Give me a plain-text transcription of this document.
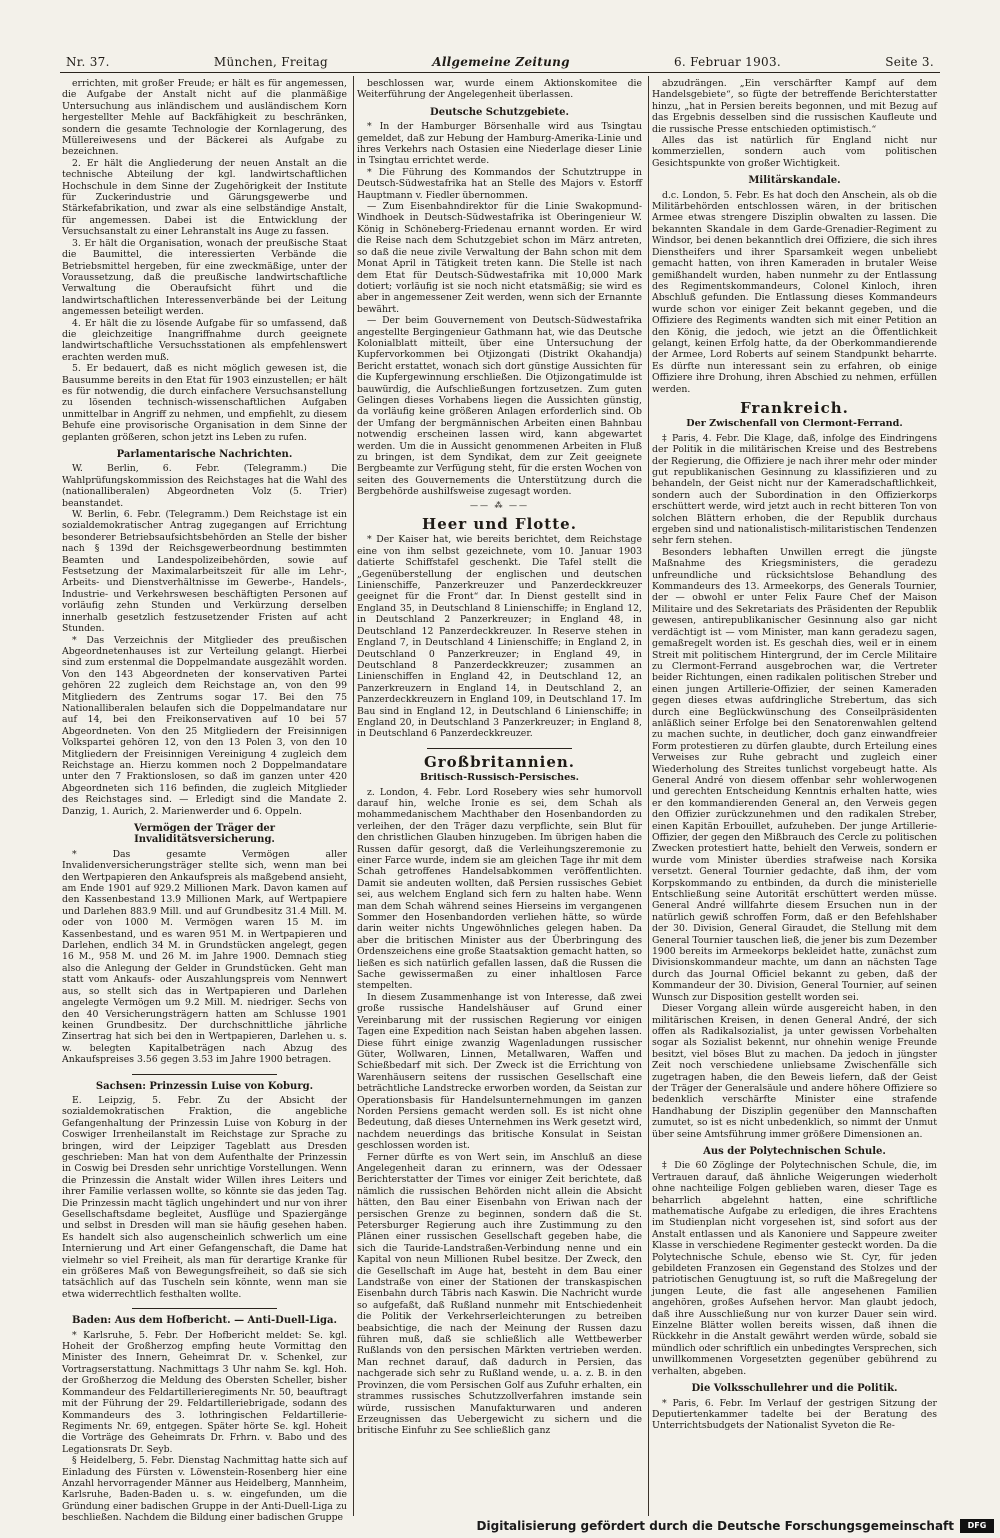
Nr. 37.	München, Freitag	Allgemeine Zeitung	6. Februar 1903.	Seite 3.

errichten, mit großer Freude; er hält es für angemessen, die Aufgabe der Anstalt nicht auf die planmäßige Untersuchung aus inländischem und ausländischem Korn hergestellter Mehle auf Backfähigkeit zu beschränken, sondern die gesamte Technologie der Kornlagerung, des Müllereiwesens und der Bäckerei als Aufgabe zu bezeichnen.

2. Er hält die Angliederung der neuen Anstalt an die technische Abteilung der kgl. landwirtschaftlichen Hochschule in dem Sinne der Zugehörigkeit der Institute für Zuckerindustrie und Gärungsgewerbe und Stärkefabrikation, und zwar als eine selbständige Anstalt, für angemessen. Dabei ist die Entwicklung der Versuchsanstalt zu einer Lehranstalt ins Auge zu fassen.

3. Er hält die Organisation, wonach der preußische Staat die Baumittel, die interessierten Verbände die Betriebsmittel hergeben, für eine zweckmäßige, unter der Voraussetzung, daß die preußische landwirtschaftliche Verwaltung die Oberaufsicht führt und die landwirtschaftlichen Interessenverbände bei der Leitung angemessen beteiligt werden.

4. Er hält die zu lösende Aufgabe für so umfassend, daß die gleichzeitige Inangriffnahme durch geeignete landwirtschaftliche Versuchsstationen als empfehlenswert erachten werden muß.

5. Er bedauert, daß es nicht möglich gewesen ist, die Bausumme bereits in den Etat für 1903 einzustellen; er hält es für notwendig, die durch einfachere Versuchsanstellung zu lösenden technisch-wissenschaftlichen Aufgaben unmittelbar in Angriff zu nehmen, und empfiehlt, zu diesem Behufe eine provisorische Organisation in dem Sinne der geplanten größeren, schon jetzt ins Leben zu rufen.

Parlamentarische Nachrichten.

W. Berlin, 6. Febr. (Telegramm.) Die Wahlprüfungskommission des Reichstages hat die Wahl des (nationalliberalen) Abgeordneten Volz (5. Trier) beanstandet.

W. Berlin, 6. Febr. (Telegramm.) Dem Reichstage ist ein sozialdemokratischer Antrag zugegangen auf Errichtung besonderer Betriebsaufsichtsbehörden an Stelle der bisher nach § 139d der Reichsgewerbeordnung bestimmten Beamten und Landespolizeibehörden, sowie auf Festsetzung der Maximalarbeitszeit für alle im Lehr-, Arbeits- und Dienstverhältnisse im Gewerbe-, Handels-, Industrie- und Verkehrswesen beschäftigten Personen auf vorläufig zehn Stunden und Verkürzung derselben innerhalb gesetzlich festzusetzender Fristen auf acht Stunden.

* Das Verzeichnis der Mitglieder des preußischen Abgeordnetenhauses ist zur Verteilung gelangt. Hierbei sind zum erstenmal die Doppelmandate ausgezählt worden. Von den 143 Abgeordneten der konservativen Partei gehören 22 zugleich dem Reichstage an, von den 99 Mitgliedern des Zentrums sogar 17. Bei den 75 Nationalliberalen belaufen sich die Doppelmandatare nur auf 14, bei den Freikonservativen auf 10 bei 57 Abgeordneten. Von den 25 Mitgliedern der Freisinnigen Volkspartei gehören 12, von den 13 Polen 3, von den 10 Mitgliedern der Freisinnigen Vereinigung 4 zugleich dem Reichstage an. Hierzu kommen noch 2 Doppelmandatare unter den 7 Fraktionslosen, so daß im ganzen unter 420 Abgeordneten sich 116 befinden, die zugleich Mitglieder des Reichstages sind. — Erledigt sind die Mandate 2. Danzig, 1. Aurich, 2. Marienwerder und 6. Oppeln.

Vermögen der Träger der Invaliditätsversicherung.

* Das gesamte Vermögen aller Invalidenversicherungsträger stellte sich, wenn man bei den Wertpapieren den Ankaufspreis als maßgebend ansieht, am Ende 1901 auf 929.2 Millionen Mark. Davon kamen auf den Kassenbestand 13.9 Millionen Mark, auf Wertpapiere und Darlehen 883.9 Mill. und auf Grundbesitz 31.4 Mill. M. oder von 1000 M. Vermögen waren 15 M. im Kassenbestand, und es waren 951 M. in Wertpapieren und Darlehen, endlich 34 M. in Grundstücken angelegt, gegen 16 M., 958 M. und 26 M. im Jahre 1900. Demnach stieg also die Anlegung der Gelder in Grundstücken. Geht man statt vom Ankaufs- oder Auszahlungspreis vom Nennwert aus, so stellt sich das in Wertpapieren und Darlehen angelegte Vermögen um 9.2 Mill. M. niedriger. Sechs von den 40 Versicherungsträgern hatten am Schlusse 1901 keinen Grundbesitz. Der durchschnittliche jährliche Zinsertrag hat sich bei den in Wertpapieren, Darlehen u. s. w. belegten Kapitalbeträgen nach Abzug des Ankaufspreises 3.56 gegen 3.53 im Jahre 1900 betragen.

Sachsen: Prinzessin Luise von Koburg.

E. Leipzig, 5. Febr. Zu der Absicht der sozialdemokratischen Fraktion, die angebliche Gefangenhaltung der Prinzessin Luise von Koburg in der Coswiger Irrenheilanstalt im Reichstage zur Sprache zu bringen, wird der Leipziger Tageblatt aus Dresden geschrieben: Man hat von dem Aufenthalte der Prinzessin in Coswig bei Dresden sehr unrichtige Vorstellungen. Wenn die Prinzessin die Anstalt wider Willen ihres Leiters und ihrer Familie verlassen wollte, so könnte sie das jeden Tag. Die Prinzessin macht täglich ungehindert und nur von ihrer Gesellschaftsdame begleitet, Ausflüge und Spaziergänge und selbst in Dresden will man sie häufig gesehen haben. Es handelt sich also augenscheinlich schwerlich um eine Internierung und Art einer Gefangenschaft, die Dame hat vielmehr so viel Freiheit, als man für derartige Kranke für ein größeres Maß von Bewegungsfreiheit, so daß sie sich tatsächlich auf das Tuscheln sein könnte, wenn man sie etwa widerrechtlich festhalten wollte.

Baden: Aus dem Hofbericht. — Anti-Duell-Liga.

* Karlsruhe, 5. Febr. Der Hofbericht meldet: Se. kgl. Hoheit der Großherzog empfing heute Vormittag den Minister des Innern, Geheimrat Dr. v. Schenkel, zur Vortragserstattung. Nachmittags 3 Uhr nahm Se. kgl. Hoh. der Großherzog die Meldung des Obersten Scheller, bisher Kommandeur des Feldartillerieregiments Nr. 50, beauftragt mit der Führung der 29. Feldartilleriebrigade, sodann des Kommandeurs des 3. lothringischen Feldartillerie-Regiments Nr. 69, entgegen. Später hörte Se. kgl. Hoheit die Vorträge des Geheimrats Dr. Frhrn. v. Babo und des Legationsrats Dr. Seyb.

§ Heidelberg, 5. Febr. Dienstag Nachmittag hatte sich auf Einladung des Fürsten v. Löwenstein-Rosenberg hier eine Anzahl hervorragender Männer aus Heidelberg, Mannheim, Karlsruhe, Baden-Baden u. s. w. eingefunden, um die Gründung einer badischen Gruppe in der Anti-Duell-Liga zu beschließen. Nachdem die Bildung einer badischen Gruppe

beschlossen war, wurde einem Aktionskomitee die Weiterführung der Angelegenheit überlassen.

Deutsche Schutzgebiete.

* In der Hamburger Börsenhalle wird aus Tsingtau gemeldet, daß zur Hebung der Hamburg-Amerika-Linie und ihres Verkehrs nach Ostasien eine Niederlage dieser Linie in Tsingtau errichtet werde.

* Die Führung des Kommandos der Schutztruppe in Deutsch-Südwestafrika hat an Stelle des Majors v. Estorff Hauptmann v. Fiedler übernommen.

— Zum Eisenbahndirektor für die Linie Swakopmund-Windhoek in Deutsch-Südwestafrika ist Oberingenieur W. König in Schöneberg-Friedenau ernannt worden. Er wird die Reise nach dem Schutzgebiet schon im März antreten, so daß die neue zivile Verwaltung der Bahn schon mit dem Monat April in Tätigkeit treten kann. Die Stelle ist nach dem Etat für Deutsch-Südwestafrika mit 10,000 Mark dotiert; vorläufig ist sie noch nicht etatsmäßig; sie wird es aber in angemessener Zeit werden, wenn sich der Ernannte bewährt.

— Der beim Gouvernement von Deutsch-Südwestafrika angestellte Bergingenieur Gathmann hat, wie das Deutsche Kolonialblatt mitteilt, über eine Untersuchung der Kupfervorkommen bei Otjizongati (Distrikt Okahandja) Bericht erstattet, wonach sich dort günstige Aussichten für die Kupfergewinnung erschließen. Die Otjizongatimulde ist bauwürdig, die Aufschließungen fortzusetzen. Zum guten Gelingen dieses Vorhabens liegen die Aussichten günstig, da vorläufig keine größeren Anlagen erforderlich sind. Ob der Umfang der bergmännischen Arbeiten einen Bahnbau notwendig erscheinen lassen wird, kann abgewartet werden. Um die in Aussicht genommenen Arbeiten in Fluß zu bringen, ist dem Syndikat, dem zur Zeit geeignete Bergbeamte zur Verfügung steht, für die ersten Wochen von seiten des Gouvernements die Unterstützung durch die Bergbehörde aushilfsweise zugesagt worden.

—— ⁂ ——
Heer und Flotte.

* Der Kaiser hat, wie bereits berichtet, dem Reichstage eine von ihm selbst gezeichnete, vom 10. Januar 1903 datierte Schiffstafel geschenkt. Die Tafel stellt die „Gegenüberstellung der englischen und deutschen Linienschiffe, Panzerkreuzer und Panzerdeckkreuzer geeignet für die Front“ dar. In Dienst gestellt sind in England 35, in Deutschland 8 Linienschiffe; in England 12, in Deutschland 2 Panzerkreuzer; in England 48, in Deutschland 12 Panzerdeckkreuzer. In Reserve stehen in England 7, in Deutschland 4 Linienschiffe; in England 2, in Deutschland 0 Panzerkreuzer; in England 49, in Deutschland 8 Panzerdeckkreuzer; zusammen an Linienschiffen in England 42, in Deutschland 12, an Panzerkreuzern in England 14, in Deutschland 2, an Panzerdeckkreuzern in England 109, in Deutschland 17. Im Bau sind in England 12, in Deutschland 6 Linienschiffe; in England 20, in Deutschland 3 Panzerkreuzer; in England 8, in Deutschland 6 Panzerdeckkreuzer.

Großbritannien.
Britisch-Russisch-Persisches.

z. London, 4. Febr. Lord Rosebery wies sehr humorvoll darauf hin, welche Ironie es sei, dem Schah als mohammedanischem Machthaber den Hosenbandorden zu verleihen, der den Träger dazu verpflichte, sein Blut für den christlichen Glauben hinzugeben. Im übrigen haben die Russen dafür gesorgt, daß die Verleihungszeremonie zu einer Farce wurde, indem sie am gleichen Tage ihr mit dem Schah getroffenes Handelsabkommen veröffentlichten. Damit sie andeuten wollten, daß Persien russisches Gebiet sei, aus welchem England sich fern zu halten habe. Wenn man dem Schah während seines Hierseins im vergangenen Sommer den Hosenbandorden verliehen hätte, so würde darin weiter nichts Ungewöhnliches gelegen haben. Da aber die britischen Minister aus der Überbringung des Ordenszeichens eine große Staatsaktion gemacht hatten, so ließen es sich natürlich gefallen lassen, daß die Russen die Sache gewissermaßen zu einer inhaltlosen Farce stempelten.

In diesem Zusammenhange ist von Interesse, daß zwei große russische Handelshäuser auf Grund einer Vereinbarung mit der russischen Regierung vor einigen Tagen eine Expedition nach Seistan haben abgehen lassen. Diese führt einige zwanzig Wagenladungen russischer Güter, Wollwaren, Linnen, Metallwaren, Waffen und Schießbedarf mit sich. Der Zweck ist die Errichtung von Warenhäusern seitens der russischen Gesellschaft eine beträchtliche Landstrecke erworben worden, da Seistan zur Operationsbasis für Handelsunternehmungen im ganzen Norden Persiens gemacht werden soll. Es ist nicht ohne Bedeutung, daß dieses Unternehmen ins Werk gesetzt wird, nachdem neuerdings das britische Konsulat in Seistan geschlossen worden ist.

Ferner dürfte es von Wert sein, im Anschluß an diese Angelegenheit daran zu erinnern, was der Odessaer Berichterstatter der Times vor einiger Zeit berichtete, daß nämlich die russischen Behörden nicht allein die Absicht hätten, den Bau einer Eisenbahn von Eriwan nach der persischen Grenze zu beginnen, sondern daß die St. Petersburger Regierung auch ihre Zustimmung zu den Plänen einer russischen Gesellschaft gegeben habe, die sich die Tauride-Landstraßen-Verbindung nenne und ein Kapital von neun Millionen Rubel besitze. Der Zweck, den die Gesellschaft im Auge hat, besteht in dem Bau einer Landstraße von einer der Stationen der transkaspischen Eisenbahn durch Täbris nach Kaswin. Die Nachricht wurde so aufgefaßt, daß Rußland nunmehr mit Entschiedenheit die Politik der Verkehrserleichterungen zu betreiben beabsichtige, die nach der Meinung der Russen dazu führen muß, daß sie schließlich alle Wettbewerber Rußlands von den persischen Märkten vertrieben werden. Man rechnet darauf, daß dadurch in Persien, das nachgerade sich sehr zu Rußland wende, u. a. z. B. in den Provinzen, die vom Persischen Golf aus Zufuhr erhalten, ein strammes russisches Schutzzollverfahren imstande sein würde, russischen Manufakturwaren und anderen Erzeugnissen das Uebergewicht zu sichern und die britische Einfuhr zu See schließlich ganz

abzudrängen. „Ein verschärfter Kampf auf dem Handelsgebiete“, so fügte der betreffende Berichterstatter hinzu, „hat in Persien bereits begonnen, und mit Bezug auf das Ergebnis desselben sind die russischen Kaufleute und die russische Presse entschieden optimistisch.“

Alles das ist natürlich für England nicht nur kommerziellen, sondern auch vom politischen Gesichtspunkte von großer Wichtigkeit.

Militärskandale.

d.c. London, 5. Febr. Es hat doch den Anschein, als ob die Militärbehörden entschlossen wären, in der britischen Armee etwas strengere Disziplin obwalten zu lassen. Die bekannten Skandale in dem Garde-Grenadier-Regiment zu Windsor, bei denen bekanntlich drei Offiziere, die sich ihres Dienstheifers und ihrer Sparsamkeit wegen unbeliebt gemacht hatten, von ihren Kameraden in brutaler Weise gemißhandelt wurden, haben nunmehr zu der Entlassung des Regimentskommandeurs, Colonel Kinloch, ihren Abschluß gefunden. Die Entlassung dieses Kommandeurs wurde schon vor einiger Zeit bekannt gegeben, und die Offiziere des Regiments wandten sich mit einer Petition an den König, die jedoch, wie jetzt an die Öffentlichkeit gelangt, keinen Erfolg hatte, da der Oberkommandierende der Armee, Lord Roberts auf seinem Standpunkt beharrte. Es dürfte nun interessant sein zu erfahren, ob einige Offiziere ihre Drohung, ihren Abschied zu nehmen, erfüllen werden.

Frankreich.
Der Zwischenfall von Clermont-Ferrand.

‡ Paris, 4. Febr. Die Klage, daß, infolge des Eindringens der Politik in die militärischen Kreise und des Bestrebens der Regierung, die Offiziere je nach ihrer mehr oder minder gut republikanischen Gesinnung zu klassifizieren und zu behandeln, der Geist nicht nur der Kameradschaftlichkeit, sondern auch der Subordination in den Offizierkorps erschüttert werde, wird jetzt auch in recht bitteren Ton von solchen Blättern erhoben, die der Republik durchaus ergeben sind und nationalistisch-militaristischen Tendenzen sehr fern stehen.

Besonders lebhaften Unwillen erregt die jüngste Maßnahme des Kriegsministers, die geradezu unfreundliche und rücksichtslose Behandlung des Kommandeurs des 13. Armeekorps, des Generals Tournier, der — obwohl er unter Felix Faure Chef der Maison Militaire und des Sekretariats des Präsidenten der Republik gewesen, antirepublikanischer Gesinnung also gar nicht verdächtigt ist — vom Minister, man kann geradezu sagen, gemaßregelt worden ist. Es geschah dies, weil er in einem Streit mit politischem Hintergrund, der im Cercle Militaire zu Clermont-Ferrand ausgebrochen war, die Vertreter beider Richtungen, einen radikalen politischen Streber und einen jungen Artillerie-Offizier, der seinen Kameraden gegen dieses etwas aufdringliche Strebertum, das sich durch eine Beglückwünschung des Conseilpräsidenten anläßlich seiner Erfolge bei den Senatorenwahlen geltend zu machen suchte, in deutlicher, doch ganz einwandfreier Form protestieren zu dürfen glaubte, durch Erteilung eines Verweises zur Ruhe gebracht und zugleich einer Wiederholung des Streites tunlichst vorgebeugt hatte. Als General André von diesem offenbar sehr wohlerwogenen und gerechten Entscheidung Kenntnis erhalten hatte, wies er den kommandierenden General an, den Verweis gegen den Offizier zurückzunehmen und den radikalen Streber, einen Kapitän Erbouillet, aufzuheben. Der junge Artillerie-Offizier, der gegen den Mißbrauch des Cercle zu politischen Zwecken protestiert hatte, behielt den Verweis, sondern er wurde vom Minister überdies strafweise nach Korsika versetzt. General Tournier gedachte, daß ihm, der vom Korpskommando zu entbinden, da durch die ministerielle Entschließung seine Autorität erschüttert werden müsse. General André willfahrte diesem Ersuchen nun in der natürlich gewiß schroffen Form, daß er den Befehlshaber der 30. Division, General Giraudet, die Stellung mit dem General Tournier tauschen ließ, die jener bis zum Dezember 1900 bereits im Armeekorps bekleidet hatte, zunächst zum Divisionskommandeur machte, um dann an nächsten Tage durch das Journal Officiel bekannt zu geben, daß der Kommandeur der 30. Division, General Tournier, auf seinen Wunsch zur Disposition gestellt worden sei.

Dieser Vorgang allein würde ausgereicht haben, in den militärischen Kreisen, in denen General André, der sich offen als Radikalsozialist, ja unter gewissen Vorbehalten sogar als Sozialist bekennt, nur ohnehin wenige Freunde besitzt, viel böses Blut zu machen. Da jedoch in jüngster Zeit noch verschiedene unliebsame Zwischenfälle sich zugetragen haben, die den Beweis liefern, daß der Geist der Träger der Generalsäule und andere höhere Offiziere so bedenklich verschärfte Minister eine strafende Handhabung der Disziplin gegenüber den Mannschaften zumutet, so ist es nicht unbedenklich, so nimmt der Unmut über seine Amtsführung immer größere Dimensionen an.

Aus der Polytechnischen Schule.

‡ Die 60 Zöglinge der Polytechnischen Schule, die, im Vertrauen darauf, daß ähnliche Weigerungen wiederholt ohne nachteilige Folgen geblieben waren, dieser Tage es beharrlich abgelehnt hatten, eine schriftliche mathematische Aufgabe zu erledigen, die ihres Erachtens im Studienplan nicht vorgesehen ist, sind sofort aus der Anstalt entlassen und als Kanoniere und Sappeure zweiter Klasse in verschiedene Regimenter gesteckt worden. Da die Polytechnische Schule, ebenso wie St. Cyr, für jeden gebildeten Franzosen ein Gegenstand des Stolzes und der patriotischen Genugtuung ist, so ruft die Maßregelung der jungen Leute, die fast alle angesehenen Familien angehören, großes Aufsehen hervor. Man glaubt jedoch, daß ihre Ausschließung nur von kurzer Dauer sein wird. Einzelne Blätter wollen bereits wissen, daß ihnen die Rückkehr in die Anstalt gewährt werden würde, sobald sie mündlich oder schriftlich ein unbedingtes Versprechen, sich unwillkommenen Vorgesetzten gegenüber gebührend zu verhalten, abgeben.

Die Volksschullehrer und die Politik.

* Paris, 6. Febr. Im Verlauf der gestrigen Sitzung der Deputiertenkammer tadelte bei der Beratung des Unterrichtsbudgets der Nationalist Syveton die Re-

Digitalisierung gefördert durch die Deutsche Forschungsgemeinschaft	DFG
